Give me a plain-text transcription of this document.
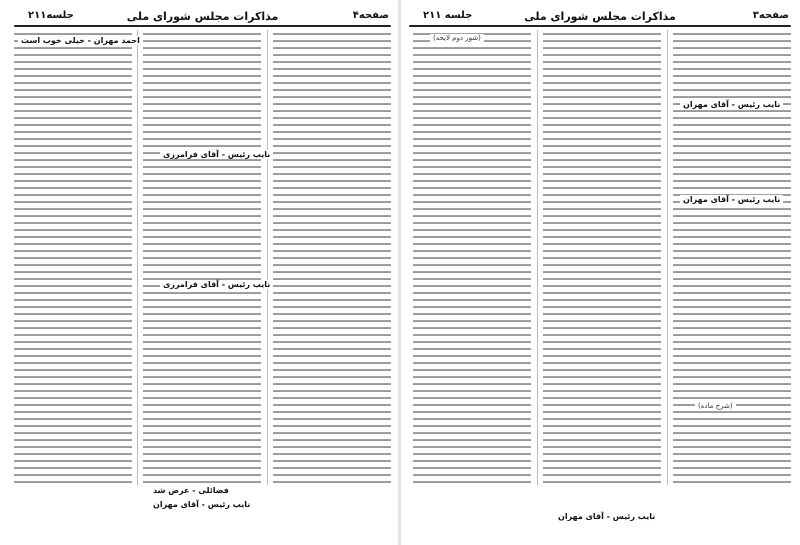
صفحه۴
مذاکرات مجلس شورای ملی
جلسه۲۱۱
احمد مهران - خیلی خوب است
نایب رئیس - آقای فرامرزی
نایب رئیس - آقای فرامرزی
فضائلی - عرض شد
نایب رئیس - آقای مهران
صفحه۳
مذاکرات مجلس شورای ملی
جلسه ۲۱۱
(شور دوم لایحه)
نایب رئیس - آقای مهران
نایب رئیس - آقای مهران
(شرح ماده)
نایب رئیس - آقای مهران
